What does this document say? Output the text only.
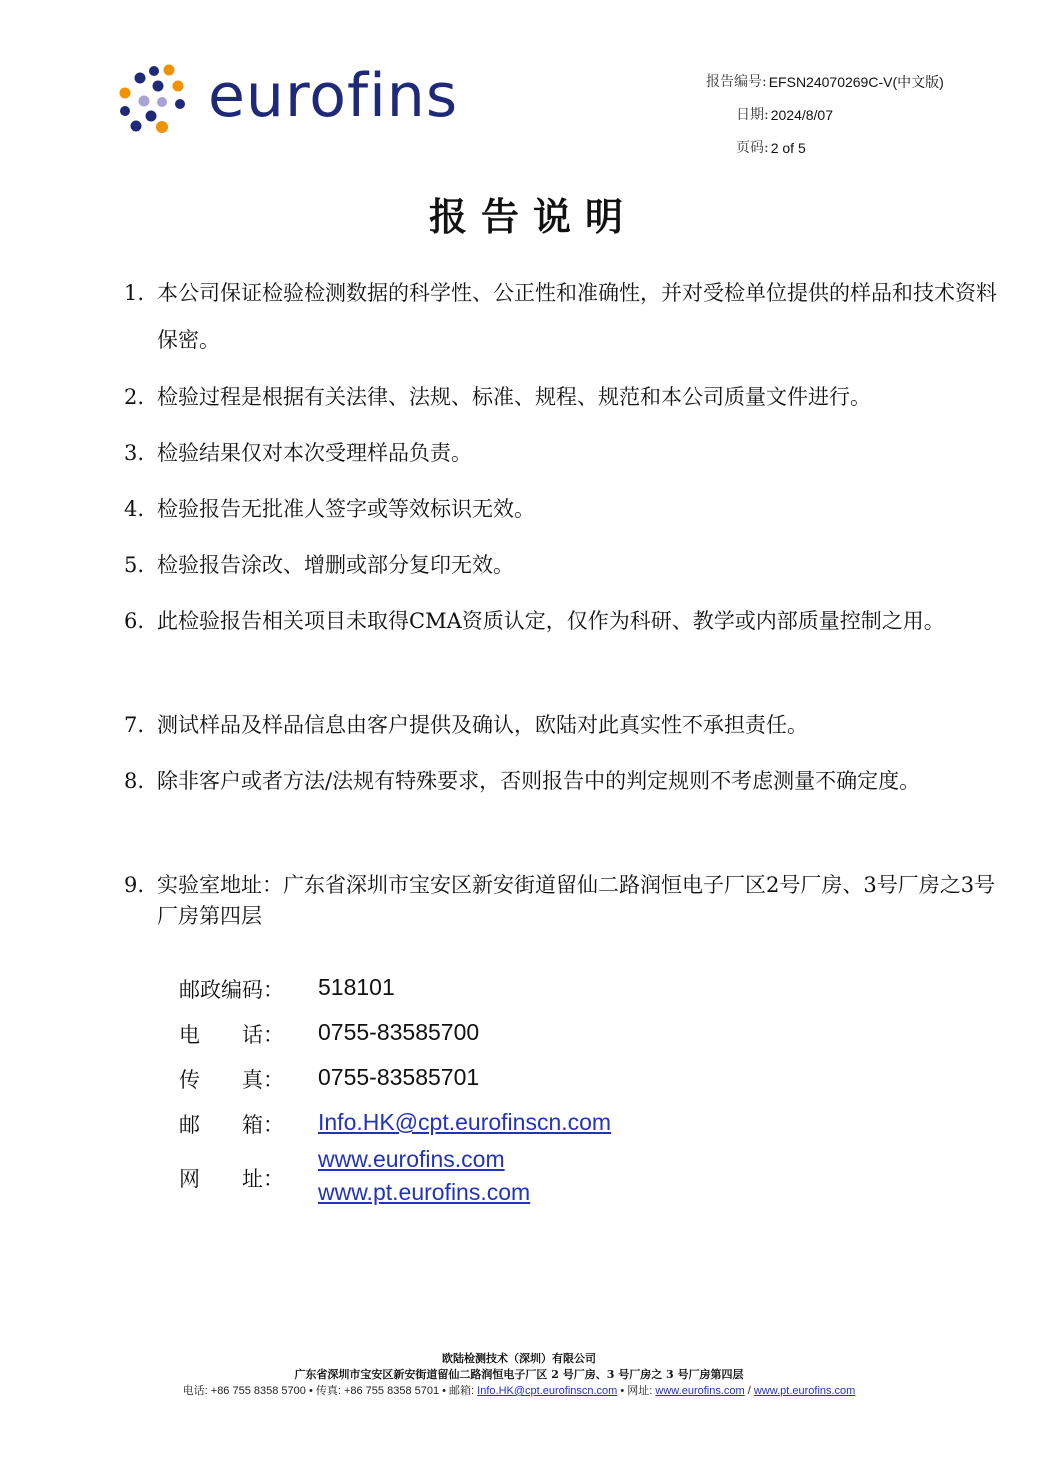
eurofins	报告编号: EFSN24070269C-V(中文版)
日期: 2024/8/07
页码: 2 of 5
报告说明
1. 本公司保证检验检测数据的科学性、公正性和准确性，并对受检单位提供的样品和技术资料保密。
2. 检验过程是根据有关法律、法规、标准、规程、规范和本公司质量文件进行。
3. 检验结果仅对本次受理样品负责。
4. 检验报告无批准人签字或等效标识无效。
5. 检验报告涂改、增删或部分复印无效。
6. 此检验报告相关项目未取得CMA资质认定，仅作为科研、教学或内部质量控制之用。
7. 测试样品及样品信息由客户提供及确认，欧陆对此真实性不承担责任。
8. 除非客户或者方法/法规有特殊要求，否则报告中的判定规则不考虑测量不确定度。
9. 实验室地址：广东省深圳市宝安区新安街道留仙二路润恒电子厂区2号厂房、3号厂房之3号厂房第四层
邮政编码：	518101
电　　话：	0755-83585700
传　　真：	0755-83585701
邮　　箱：	Info.HK@cpt.eurofinscn.com
网　　址：
www.eurofins.com
www.pt.eurofins.com
欧陆检测技术（深圳）有限公司
广东省深圳市宝安区新安街道留仙二路润恒电子厂区 2 号厂房、3 号厂房之 3 号厂房第四层
电话: +86 755 8358 5700 • 传真: +86 755 8358 5701 • 邮箱: Info.HK@cpt.eurofinscn.com • 网址: www.eurofins.com / www.pt.eurofins.com
